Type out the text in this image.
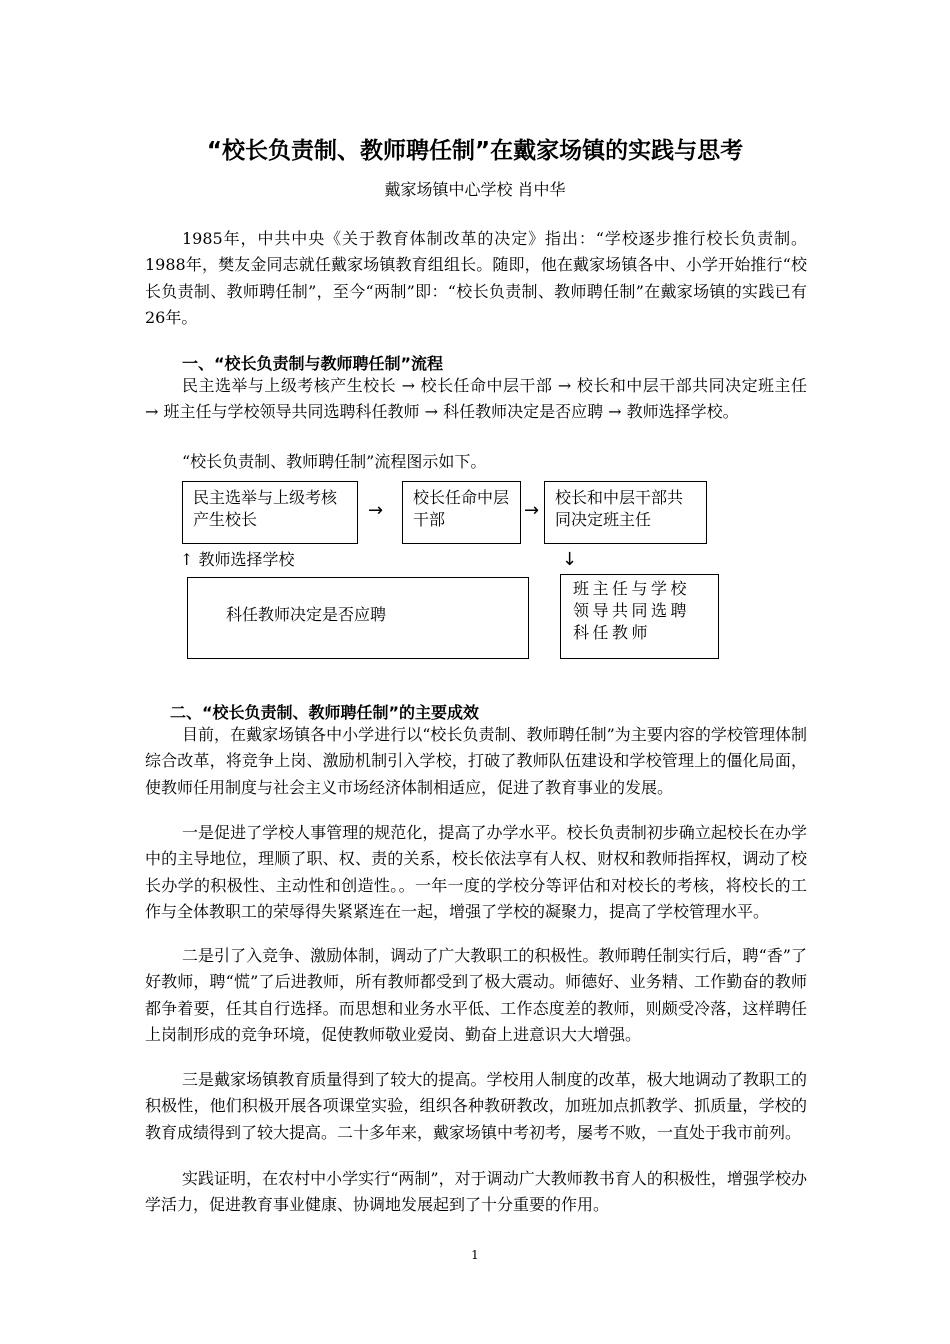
“校长负责制、教师聘任制”在戴家场镇的实践与思考
戴家场镇中心学校 肖中华

1985年，中共中央《关于教育体制改革的决定》指出：“学校逐步推行校长负责制。1988年，樊友金同志就任戴家场镇教育组组长。随即，他在戴家场镇各中、小学开始推行“校长负责制、教师聘任制”，至今“两制”即：“校长负责制、教师聘任制”在戴家场镇的实践已有26年。

一、“校长负责制与教师聘任制”流程

民主选举与上级考核产生校长 → 校长任命中层干部 → 校长和中层干部共同决定班主任 → 班主任与学校领导共同选聘科任教师 → 科任教师决定是否应聘 → 教师选择学校。

“校长负责制、教师聘任制”流程图示如下。

民主选举与上级考核产生校长	→
校长任命中层干部	→
校长和中层干部共同决定班主任
↑ 教师选择学校	↓
科任教师决定是否应聘
班主任与学校领导共同选聘科任教师

二、“校长负责制、教师聘任制”的主要成效

目前，在戴家场镇各中小学进行以“校长负责制、教师聘任制”为主要内容的学校管理体制综合改革，将竞争上岗、激励机制引入学校，打破了教师队伍建设和学校管理上的僵化局面，使教师任用制度与社会主义市场经济体制相适应，促进了教育事业的发展。

一是促进了学校人事管理的规范化，提高了办学水平。校长负责制初步确立起校长在办学中的主导地位，理顺了职、权、责的关系，校长依法享有人权、财权和教师指挥权，调动了校长办学的积极性、主动性和创造性。。一年一度的学校分等评估和对校长的考核，将校长的工作与全体教职工的荣辱得失紧紧连在一起，增强了学校的凝聚力，提高了学校管理水平。

二是引了入竞争、激励体制，调动了广大教职工的积极性。教师聘任制实行后，聘“香”了好教师，聘“慌”了后进教师，所有教师都受到了极大震动。师德好、业务精、工作勤奋的教师都争着要，任其自行选择。而思想和业务水平低、工作态度差的教师，则颇受冷落，这样聘任上岗制形成的竞争环境，促使教师敬业爱岗、勤奋上进意识大大增强。

三是戴家场镇教育质量得到了较大的提高。学校用人制度的改革，极大地调动了教职工的积极性，他们积极开展各项课堂实验，组织各种教研教改，加班加点抓教学、抓质量，学校的教育成绩得到了较大提高。二十多年来，戴家场镇中考初考，屡考不败，一直处于我市前列。

实践证明，在农村中小学实行“两制”，对于调动广大教师教书育人的积极性，增强学校办学活力，促进教育事业健康、协调地发展起到了十分重要的作用。

1
